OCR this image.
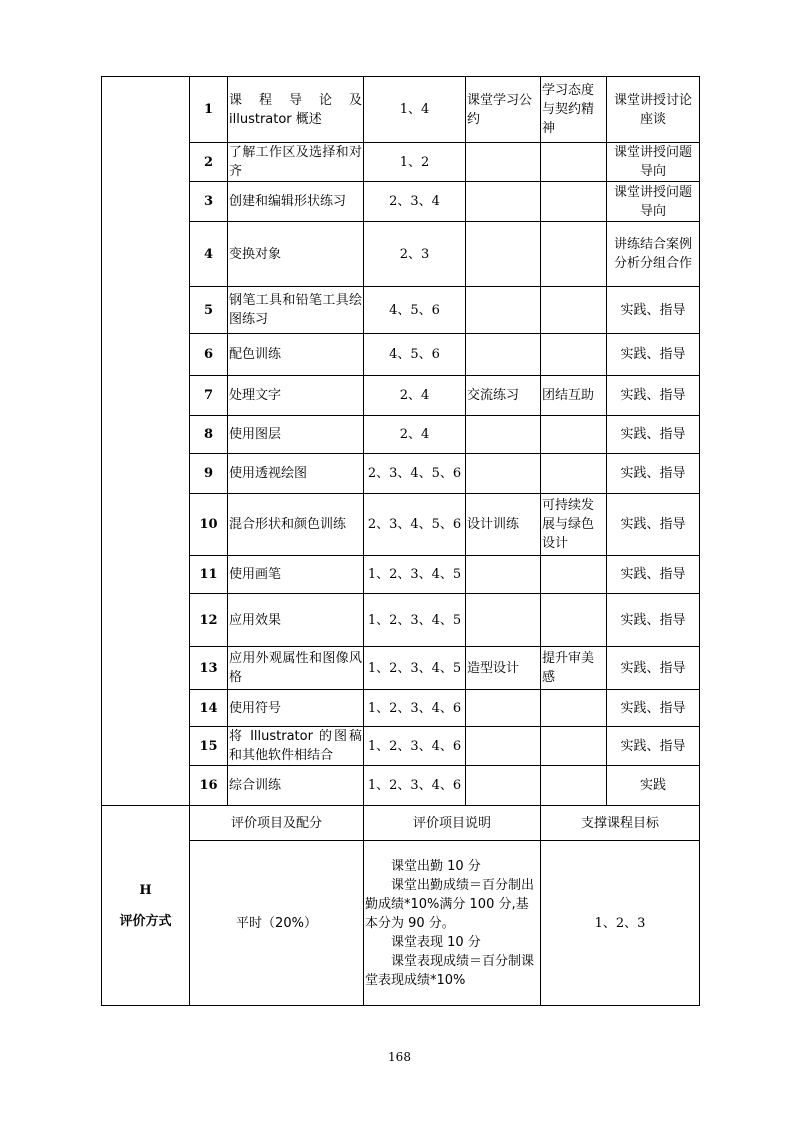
	1	课 程 导 论 及 illustrator 概述	1、4	课堂学习公约	学习态度与契约精神	课堂讲授讨论座谈
	2	了解工作区及选择和对齐	1、2			课堂讲授问题导向
	3	创建和编辑形状练习	2、3、4			课堂讲授问题导向
	4	变换对象	2、3			讲练结合案例分析分组合作
	5	钢笔工具和铅笔工具绘图练习	4、5、6			实践、指导
	6	配色训练	4、5、6			实践、指导
	7	处理文字	2、4	交流练习	团结互助	实践、指导
	8	使用图层	2、4			实践、指导
	9	使用透视绘图	2、3、4、5、6			实践、指导
	10	混合形状和颜色训练	2、3、4、5、6	设计训练	可持续发展与绿色设计	实践、指导
	11	使用画笔	1、2、3、4、5			实践、指导
	12	应用效果	1、2、3、4、5			实践、指导
	13	应用外观属性和图像风格	1、2、3、4、5	造型设计	提升审美感	实践、指导
	14	使用符号	1、2、3、4、6			实践、指导
	15	将 Illustrator 的图稿和其他软件相结合	1、2、3、4、6			实践、指导
	16	综合训练	1、2、3、4、6			实践

H
评价方式	评价项目及配分		评价项目说明		支撑课程目标	
	平时（20%）		课堂出勤 10 分

课堂出勤成绩＝百分制出勤成绩*10%满分 100 分,基本分为 90 分。

课堂表现 10 分

课堂表现成绩＝百分制课堂表现成绩*10%		1、2、3	
168
